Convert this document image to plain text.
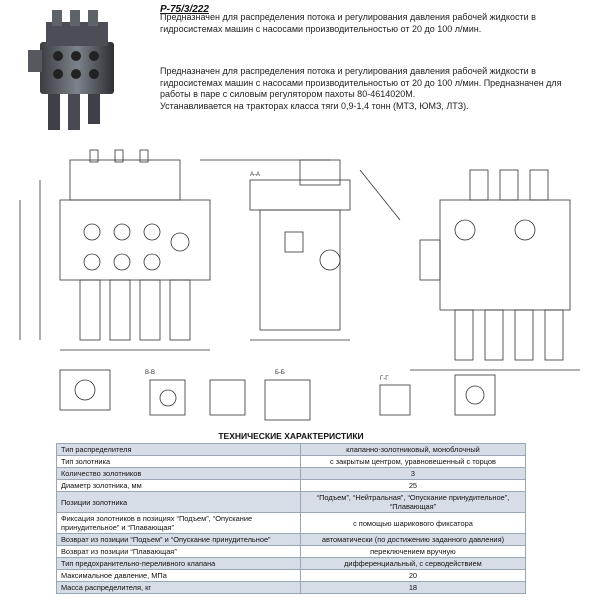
Р-75/3/222
Предназначен для распределения потока и регулирования давления рабочей жидкости в гидросистемах машин с насосами производительностью от 20 до 100 л/мин.
Предназначен для распределения потока и регулирования давления рабочей жидкости в гидросистемах машин с насосами производительностью от 20 до 100 л/мин. Предназначен для работы в паре с силовым регулятором пахоты 80-4614020М.
Устанавливается на тракторах класса тяги 0,9-1,4 тонн (МТЗ, ЮМЗ, ЛТЗ).
Б-Б
В-В
Г-Г
А-А
ТЕХНИЧЕСКИЕ ХАРАКТЕРИСТИКИ
Тип распределителя	клапанно-золотниковый, моноблочный
Тип золотника	с закрытым центром, уравновешенный с торцов
Количество золотников	3
Диаметр золотника, мм	25
Позиции золотника	“Подъем”, “Нейтральная”, “Опускание принудительное”, “Плавающая”
Фиксация золотников в позициях “Подъем”, “Опускание принудительное” и “Плавающая”	с помощью шарикового фиксатора
Возврат из позиции “Подъем” и “Опускание принудительное”	автоматически (по достижению заданного давления)
Возврат из позиции “Плавающая”	переключением вручную
Тип предохранительно-переливного клапана	дифференциальный, с серводействием
Максимальное давление, МПа	20
Масса распределителя, кг	18
